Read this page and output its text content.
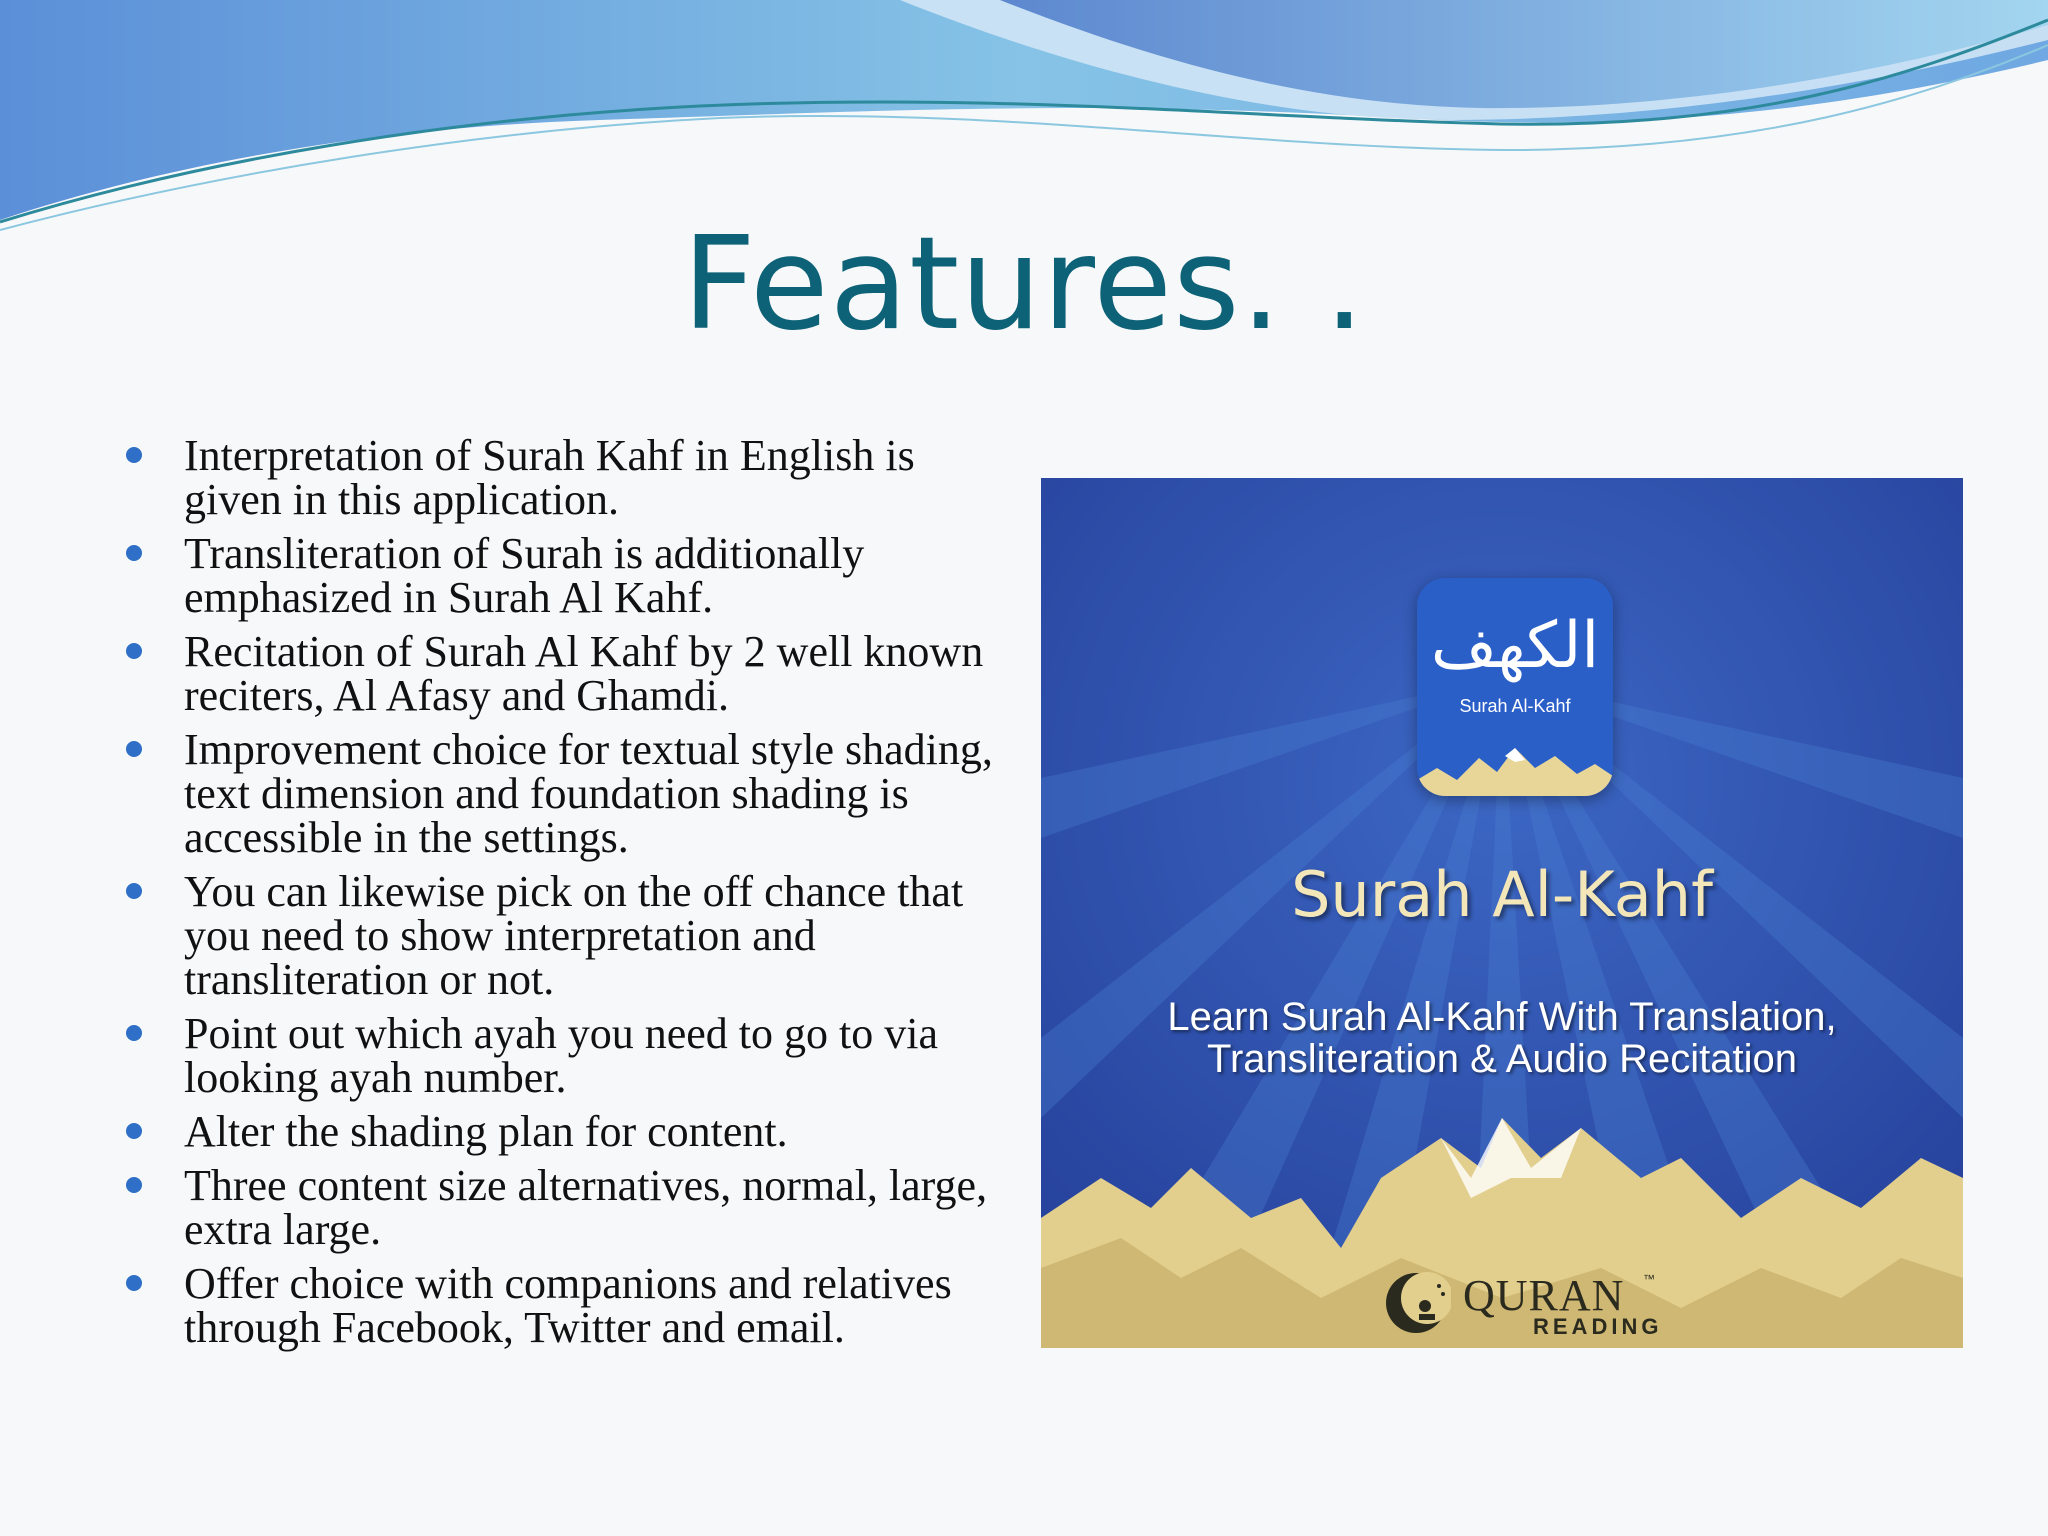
Features. .
Interpretation of Surah Kahf in English is given in this application.
Transliteration of Surah is additionally emphasized in Surah Al Kahf.
Recitation of Surah Al Kahf by 2 well known reciters, Al Afasy and Ghamdi.
Improvement choice for textual style shading, text dimension and foundation shading is accessible in the settings.
You can likewise pick on the off chance that you need to show interpretation and transliteration or not.
Point out which ayah you need to go to via looking ayah number.
Alter the shading plan for content.
Three content size alternatives, normal, large, extra large.
Offer choice with companions and relatives through Facebook, Twitter and email.
الكهف
Surah Al-Kahf
Surah Al-Kahf
Learn Surah Al-Kahf With Translation,
Transliteration & Audio Recitation
QURAN ™
READING
